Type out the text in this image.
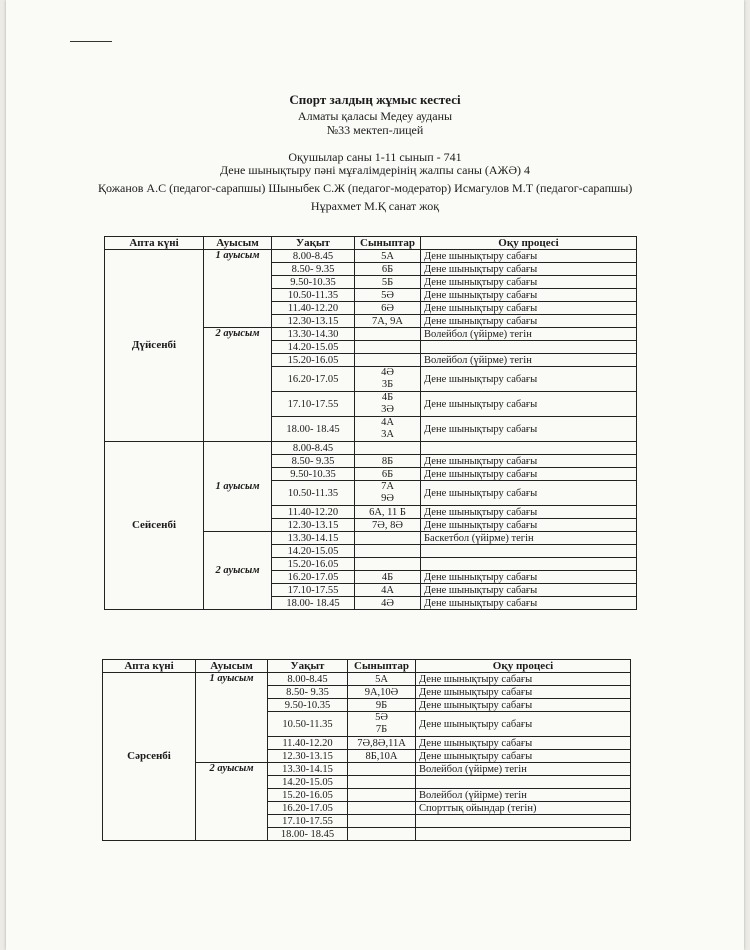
Спорт залдың жұмыс кестесі
Алматы қаласы Медеу ауданы
№33 мектеп-лицей
Оқушылар саны 1-11 сынып - 741
Дене шынықтыру пәні мұғалімдерінің жалпы саны (АЖӘ) 4
Қожанов А.С (педагог-сарапшы) Шыныбек С.Ж (педагог-модератор) Исмагулов М.Т (педагог-сарапшы)
Нұрахмет М.Қ санат жоқ
Апта күні	Ауысым	Уақыт	Сыныптар	Оқу процесі
Дүйсенбі	1 ауысым	8.00-8.45	5А	Дене шынықтыру сабағы
		8.50- 9.35	6Б	Дене шынықтыру сабағы
		9.50-10.35	5Б	Дене шынықтыру сабағы
		10.50-11.35	5Ә	Дене шынықтыру сабағы
		11.40-12.20	6Ә	Дене шынықтыру сабағы
		12.30-13.15	7А, 9А	Дене шынықтыру сабағы
	2 ауысым	13.30-14.30		Волейбол (үйірме) тегін
		14.20-15.05		
		15.20-16.05		Волейбол (үйірме) тегін
		16.20-17.05	4Ә
3Б	Дене шынықтыру сабағы
		17.10-17.55	4Б
3Ә	Дене шынықтыру сабағы
		18.00- 18.45	4А
3А	Дене шынықтыру сабағы
Сейсенбі	1 ауысым	8.00-8.45		
		8.50- 9.35	8Б	Дене шынықтыру сабағы
		9.50-10.35	6Б	Дене шынықтыру сабағы
		10.50-11.35	7А
9Ә	Дене шынықтыру сабағы
		11.40-12.20	6А, 11 Б	Дене шынықтыру сабағы
		12.30-13.15	7Ә, 8Ә	Дене шынықтыру сабағы
	2 ауысым	13.30-14.15		Баскетбол (үйірме) тегін
		14.20-15.05		
		15.20-16.05		
		16.20-17.05	4Б	Дене шынықтыру сабағы
		17.10-17.55	4А	Дене шынықтыру сабағы
		18.00- 18.45	4Ә	Дене шынықтыру сабағы
Апта күні	Ауысым	Уақыт	Сыныптар	Оқу процесі
Сәрсенбі	1 ауысым	8.00-8.45	5А	Дене шынықтыру сабағы
		8.50- 9.35	9А,10Ә	Дене шынықтыру сабағы
		9.50-10.35	9Б	Дене шынықтыру сабағы
		10.50-11.35	5Ә
7Б	Дене шынықтыру сабағы
		11.40-12.20	7Ә,8Ә,11А	Дене шынықтыру сабағы
		12.30-13.15	8Б,10А	Дене шынықтыру сабағы
	2 ауысым	13.30-14.15		Волейбол (үйірме) тегін
		14.20-15.05		
		15.20-16.05		Волейбол (үйірме) тегін
		16.20-17.05		Спорттық ойындар (тегін)
		17.10-17.55		
		18.00- 18.45		
